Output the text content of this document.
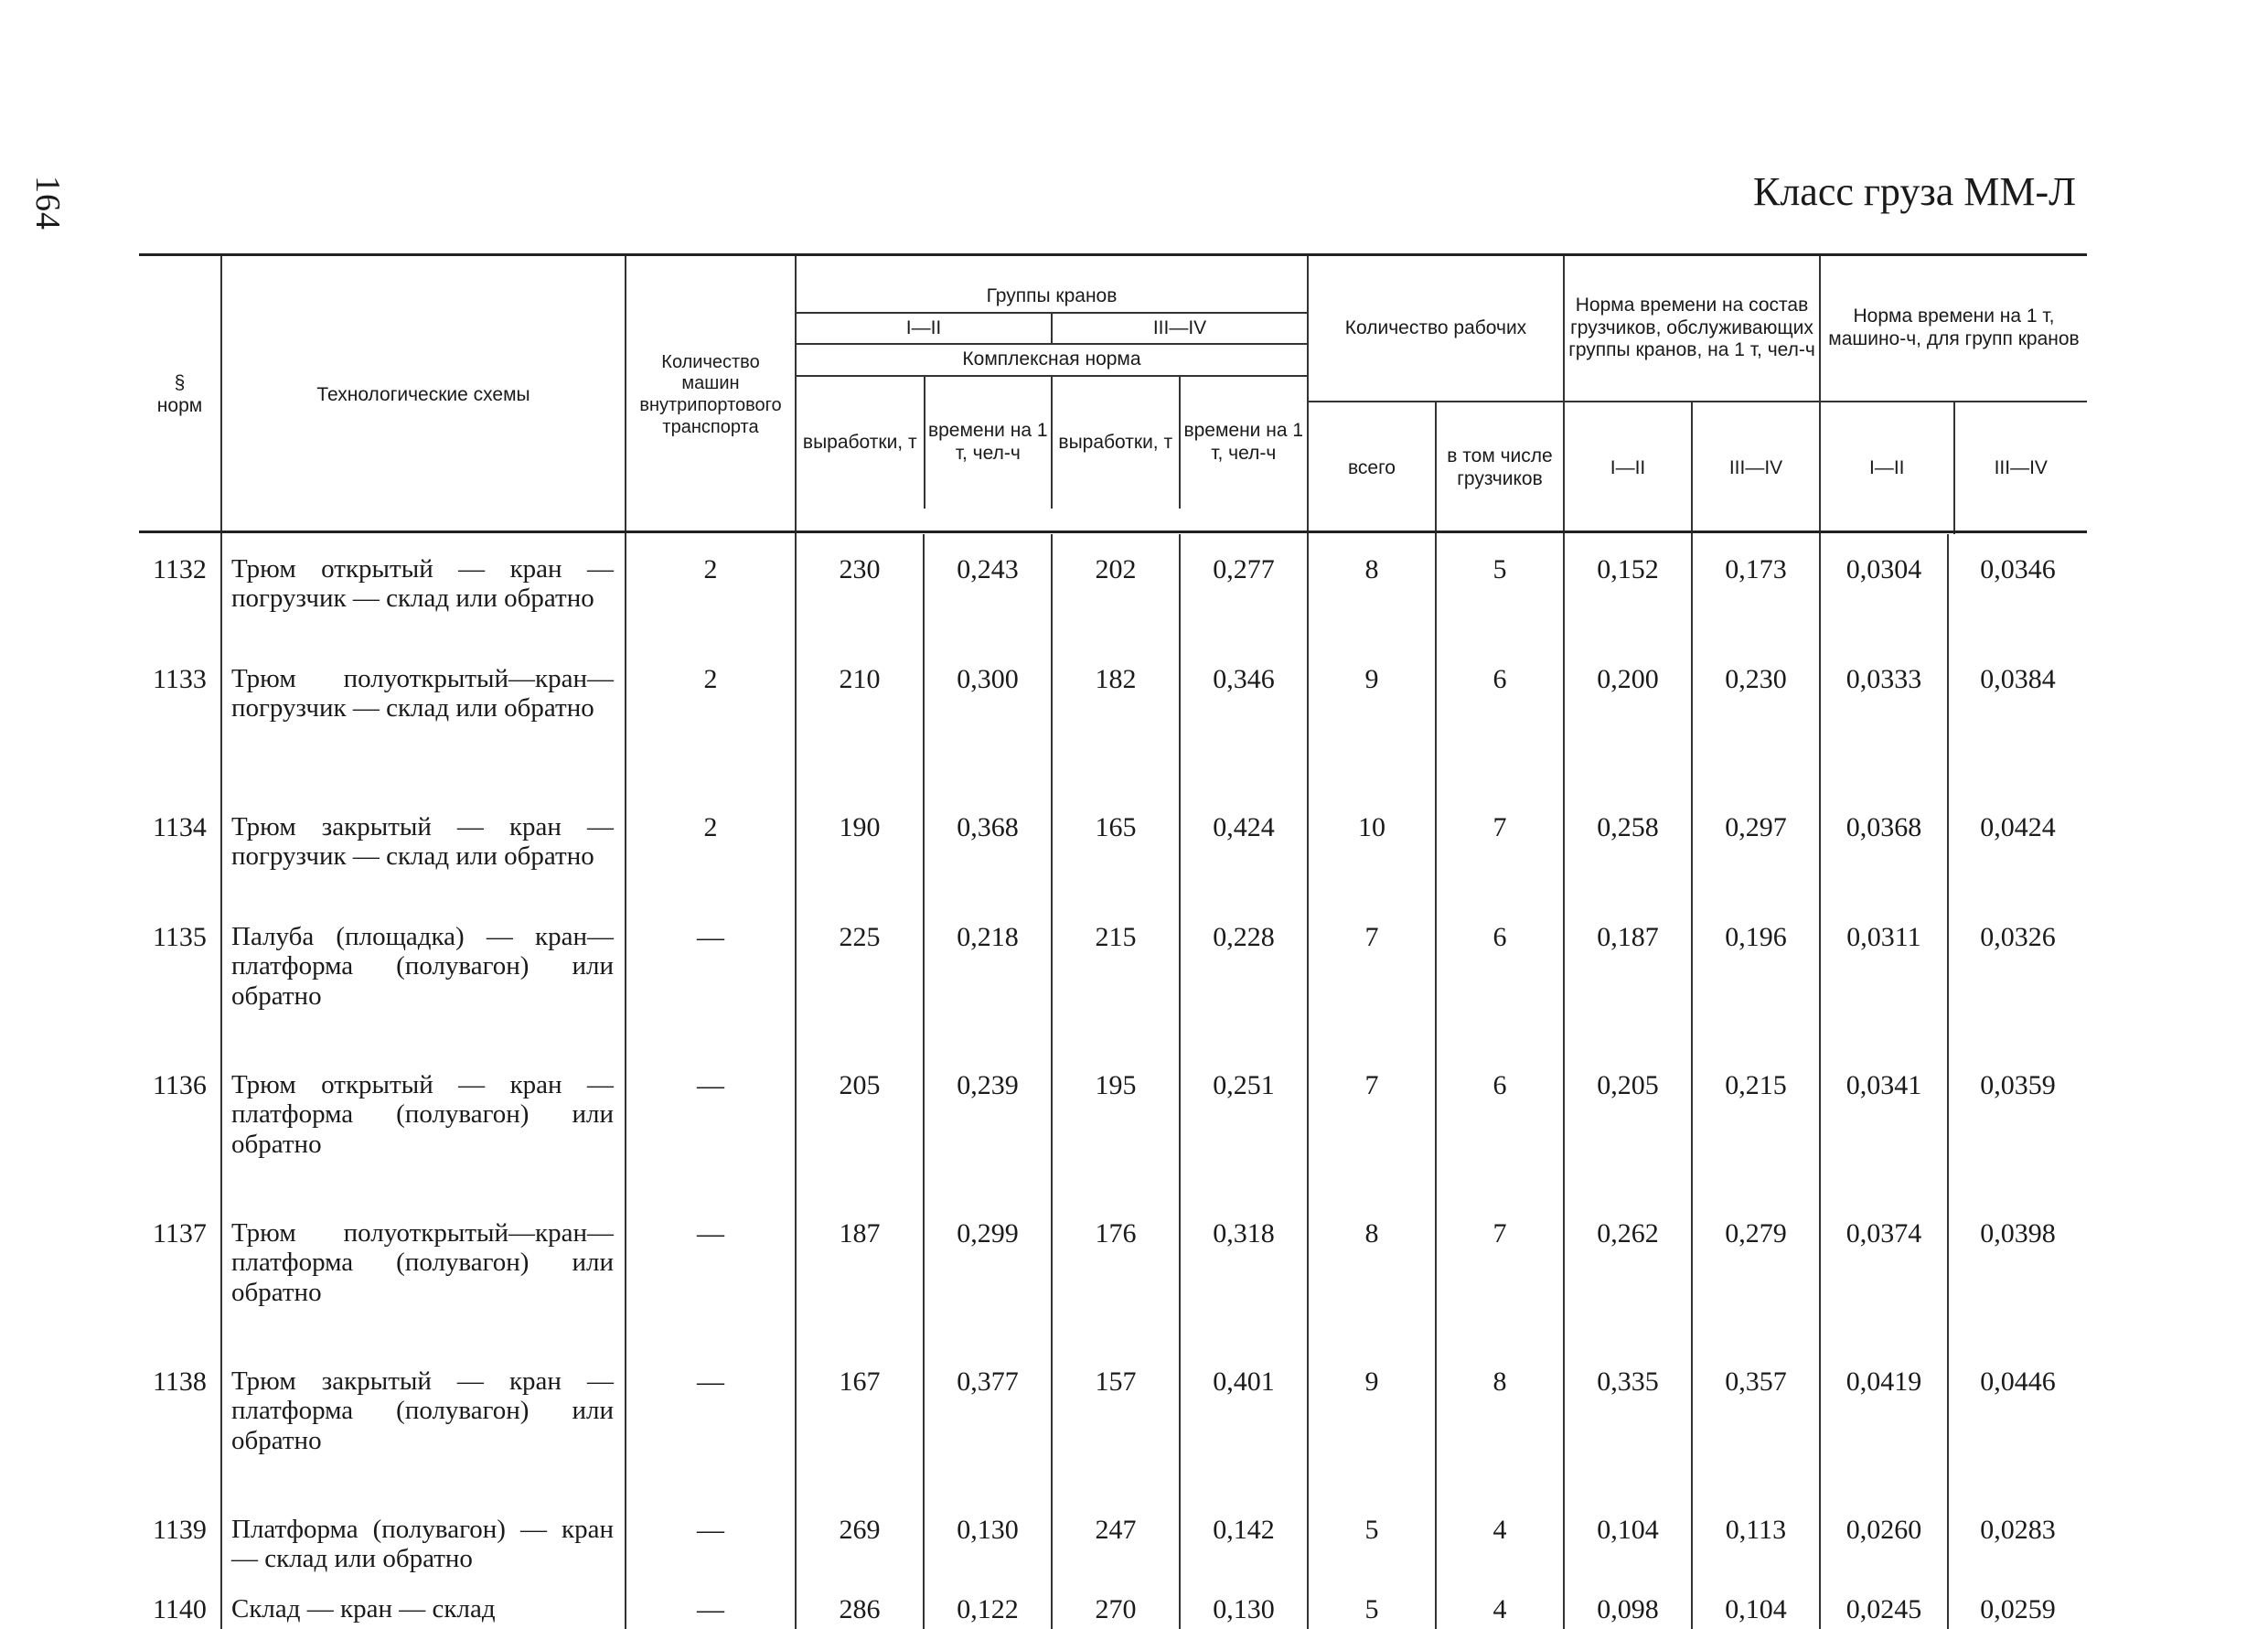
164	Класс груза ММ-Л
§
норм	Технологические схемы	Количество машин внутрипортового транспорта	
Группы кранов
I—II	III—IV
Комплексная норма
выработки, т	времени на 1 т, чел-ч	выработки, т	времени на 1 т, чел-ч

Количество рабочих
всего	в том числе грузчиков

Норма времени на состав грузчиков, обслуживающих группы кранов, на 1 т, чел-ч
I—II	III—IV

Норма времени на 1 т, машино-ч, для групп кранов
I—II	III—IV
1132	Трюм открытый — кран — погрузчик — склад или обратно	2	230	0,243	202	0,277	8	5	0,152	0,173	0,0304	0,0346
1133	Трюм полуоткрытый—кран—погрузчик — склад или обратно	2	210	0,300	182	0,346	9	6	0,200	0,230	0,0333	0,0384
1134	Трюм закрытый — кран — погрузчик — склад или обратно	2	190	0,368	165	0,424	10	7	0,258	0,297	0,0368	0,0424
1135	Палуба (площадка) — кран—платформа (полувагон) или обратно	—	225	0,218	215	0,228	7	6	0,187	0,196	0,0311	0,0326
1136	Трюм открытый — кран — платформа (полувагон) или обратно	—	205	0,239	195	0,251	7	6	0,205	0,215	0,0341	0,0359
1137	Трюм полуоткрытый—кран—платформа (полувагон) или обратно	—	187	0,299	176	0,318	8	7	0,262	0,279	0,0374	0,0398
1138	Трюм закрытый — кран — платформа (полувагон) или обратно	—	167	0,377	157	0,401	9	8	0,335	0,357	0,0419	0,0446
1139	Платформа (полувагон) — кран — склад или обратно	—	269	0,130	247	0,142	5	4	0,104	0,113	0,0260	0,0283
1140	Склад — кран — склад	—	286	0,122	270	0,130	5	4	0,098	0,104	0,0245	0,0259
